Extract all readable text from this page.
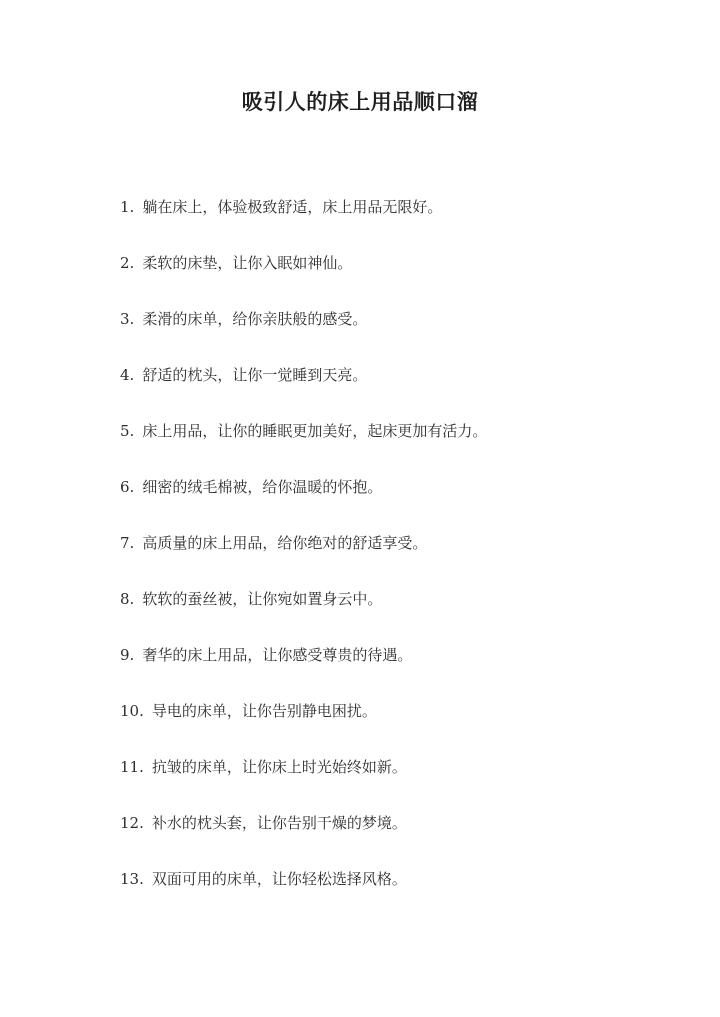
吸引人的床上用品顺口溜
1. 躺在床上，体验极致舒适，床上用品无限好。
2. 柔软的床垫，让你入眠如神仙。
3. 柔滑的床单，给你亲肤般的感受。
4. 舒适的枕头，让你一觉睡到天亮。
5. 床上用品，让你的睡眠更加美好，起床更加有活力。
6. 细密的绒毛棉被，给你温暖的怀抱。
7. 高质量的床上用品，给你绝对的舒适享受。
8. 软软的蚕丝被，让你宛如置身云中。
9. 奢华的床上用品，让你感受尊贵的待遇。
10. 导电的床单，让你告别静电困扰。
11. 抗皱的床单，让你床上时光始终如新。
12. 补水的枕头套，让你告别干燥的梦境。
13. 双面可用的床单，让你轻松选择风格。
